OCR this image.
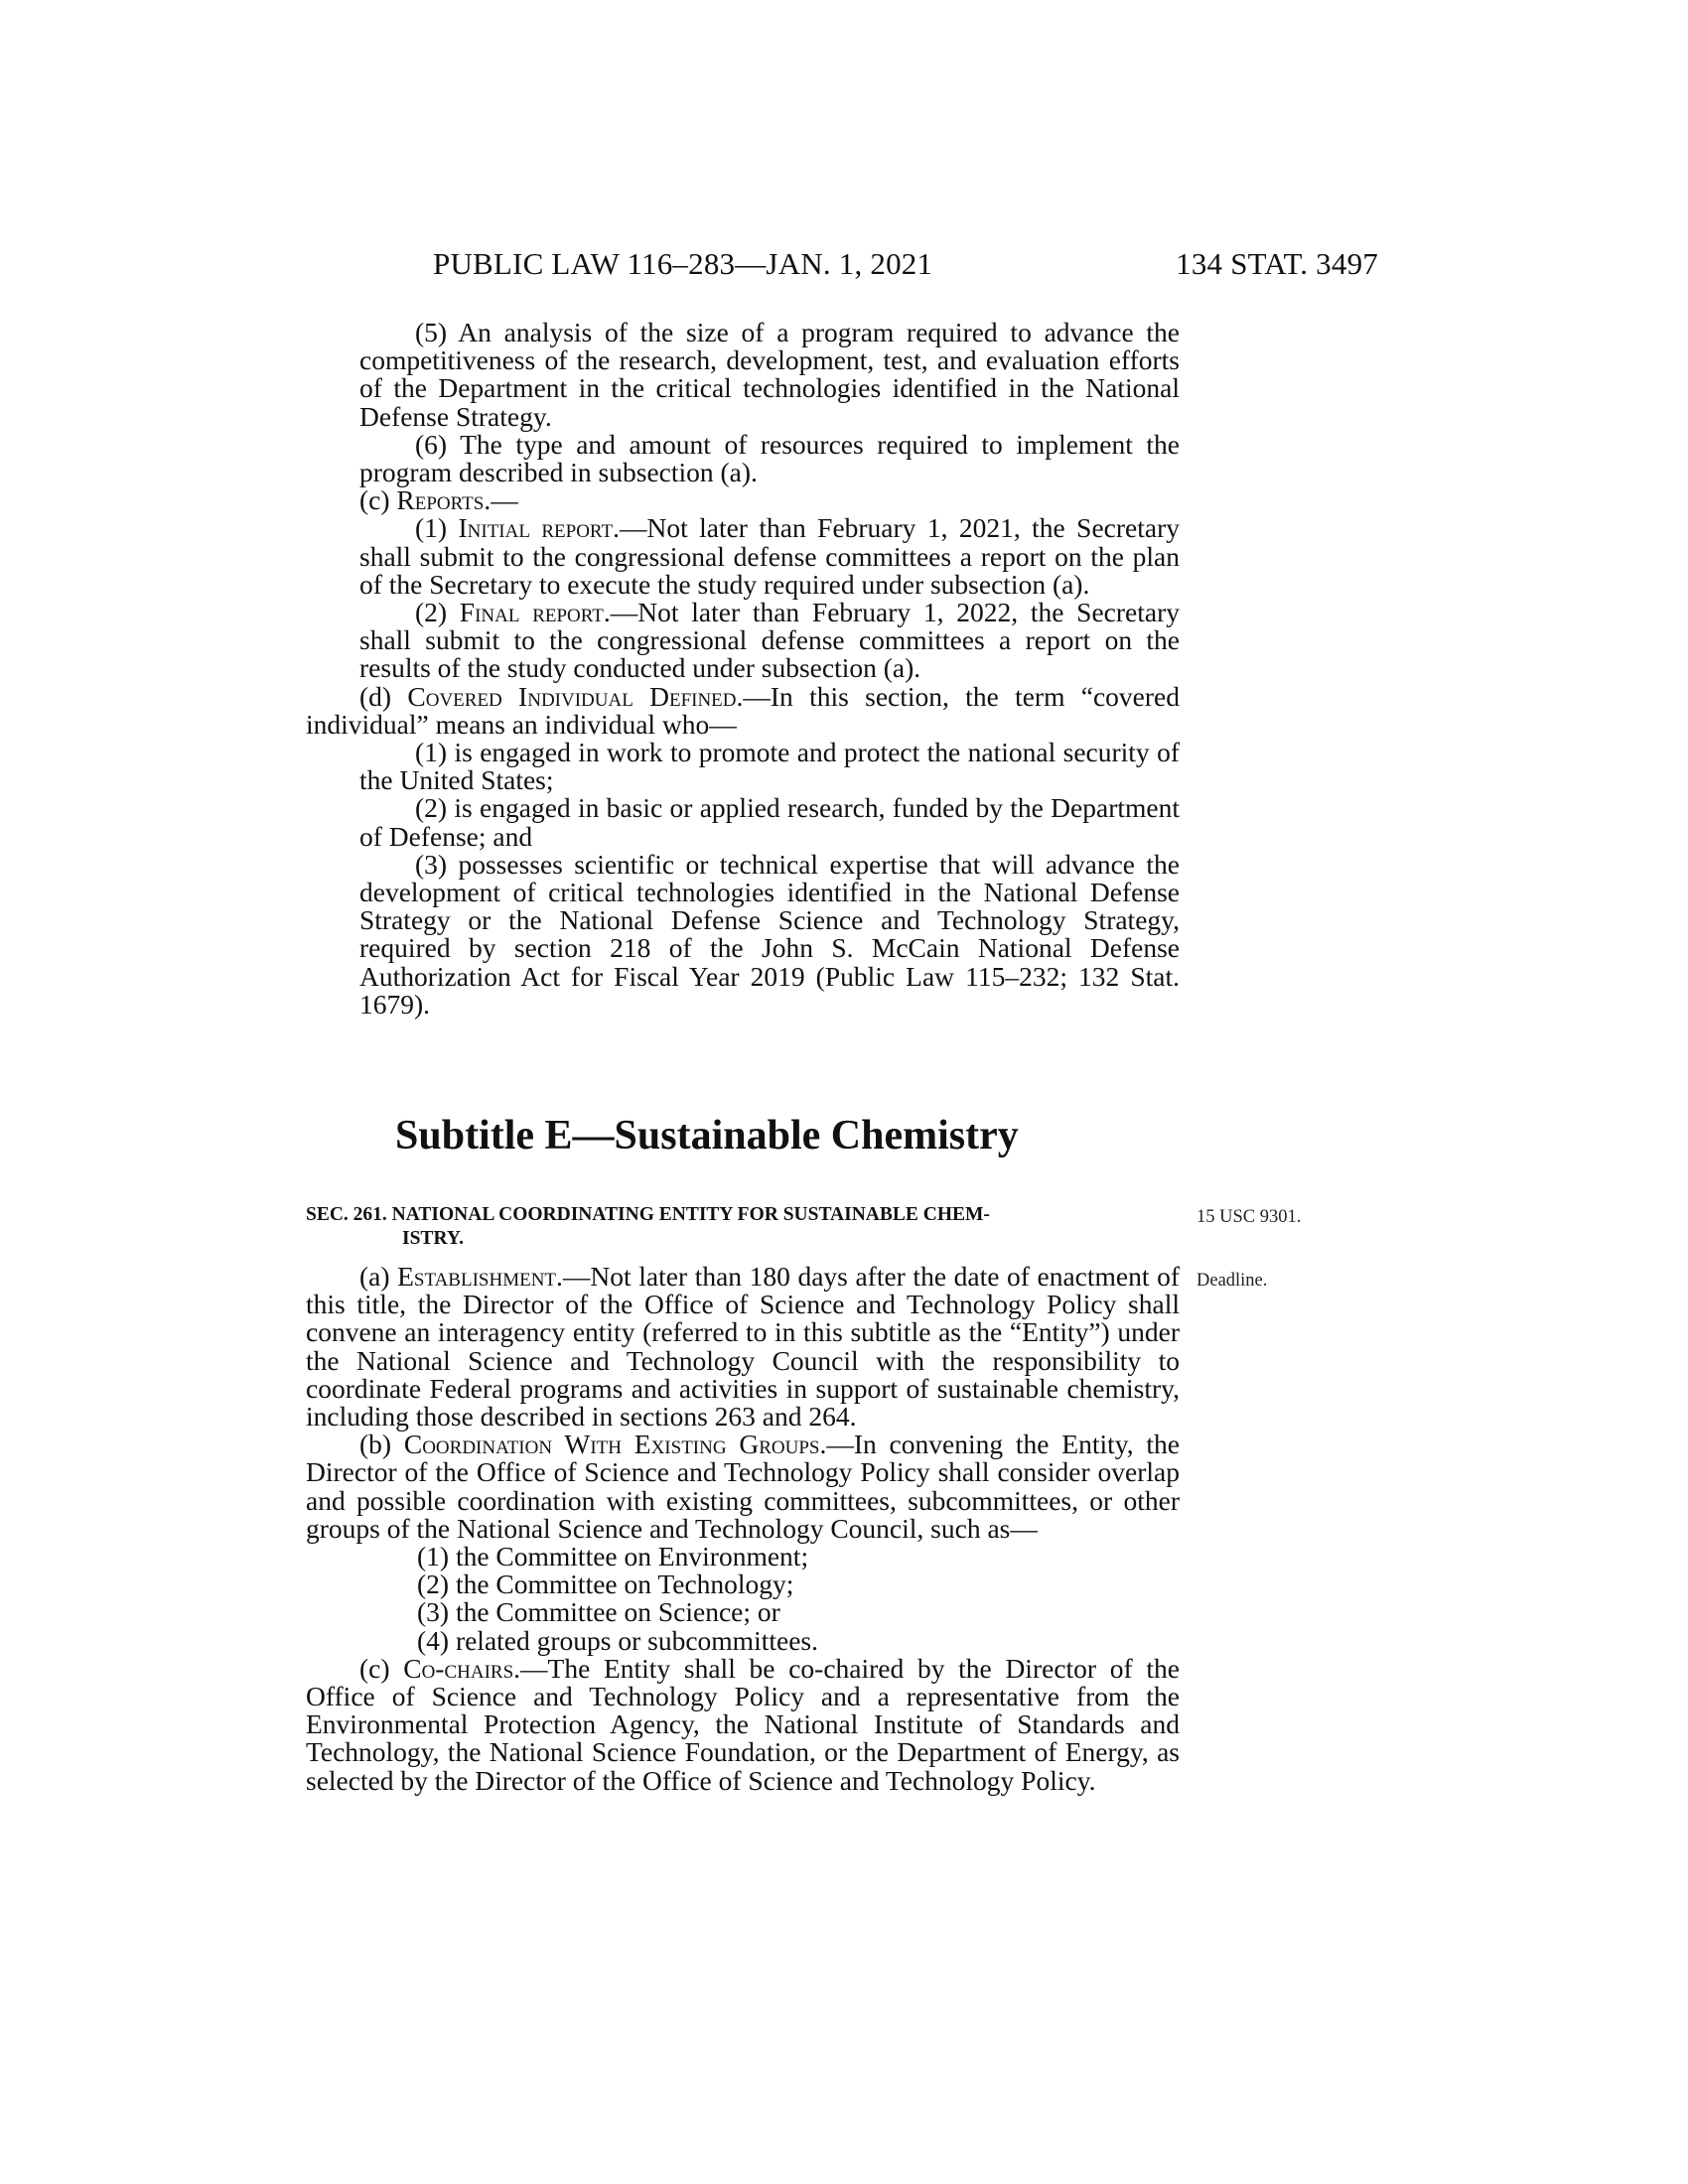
PUBLIC LAW 116–283—JAN. 1, 2021	134 STAT. 3497

(5) An analysis of the size of a program required to advance the competitiveness of the research, development, test, and evaluation efforts of the Department in the critical technologies identified in the National Defense Strategy.

(6) The type and amount of resources required to implement the program described in subsection (a).

(c) Reports.—

(1) Initial report.—Not later than February 1, 2021, the Secretary shall submit to the congressional defense committees a report on the plan of the Secretary to execute the study required under subsection (a).

(2) Final report.—Not later than February 1, 2022, the Secretary shall submit to the congressional defense committees a report on the results of the study conducted under subsection (a).

(d) Covered Individual Defined.—In this section, the term “covered individual” means an individual who—

(1) is engaged in work to promote and protect the national security of the United States;

(2) is engaged in basic or applied research, funded by the Department of Defense; and

(3) possesses scientific or technical expertise that will advance the development of critical technologies identified in the National Defense Strategy or the National Defense Science and Technology Strategy, required by section 218 of the John S. McCain National Defense Authorization Act for Fiscal Year 2019 (Public Law 115–232; 132 Stat. 1679).

Subtitle E—Sustainable Chemistry
SEC. 261. NATIONAL COORDINATING ENTITY FOR SUSTAINABLE CHEM-
ISTRY.
15 USC 9301.
Deadline.

(a) Establishment.—Not later than 180 days after the date of enactment of this title, the Director of the Office of Science and Technology Policy shall convene an interagency entity (referred to in this subtitle as the “Entity”) under the National Science and Technology Council with the responsibility to coordinate Federal programs and activities in support of sustainable chemistry, including those described in sections 263 and 264.

(b) Coordination With Existing Groups.—In convening the Entity, the Director of the Office of Science and Technology Policy shall consider overlap and possible coordination with existing committees, subcommittees, or other groups of the National Science and Technology Council, such as—

(1) the Committee on Environment;

(2) the Committee on Technology;

(3) the Committee on Science; or

(4) related groups or subcommittees.

(c) Co-chairs.—The Entity shall be co-chaired by the Director of the Office of Science and Technology Policy and a representative from the Environmental Protection Agency, the National Institute of Standards and Technology, the National Science Foundation, or the Department of Energy, as selected by the Director of the Office of Science and Technology Policy.
